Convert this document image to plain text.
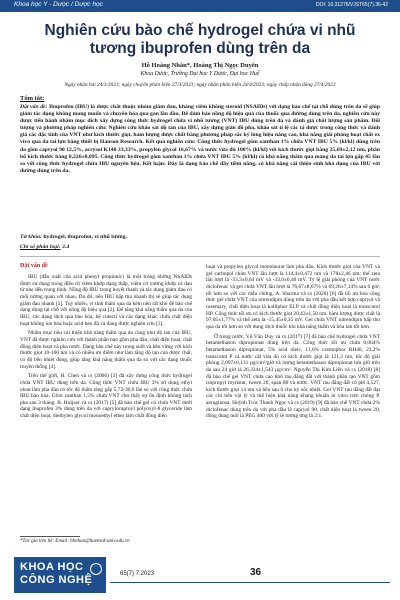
Khoa học Y - Dược / Dược học	DOI: 10.31276/VJST65(7).36-42
Nghiên cứu bào chế hydrogel chứa vi nhũ tương ibuprofen dùng trên da
Hồ Hoàng Nhân*, Hoàng Thị Ngọc Duyên
Khoa Dược, Trường Đại học Y Dược, Đại học Huế
Ngày nhận bài 24/3/2023; ngày chuyển phản biện 27/3/2023; ngày nhận phản biện 24/4/2023; ngày chấp nhận đăng 27/4/2023
Tóm tắt:
Đặt vấn đề: Ibuprofen (IBU) là dược chất thuộc nhóm giảm đau, kháng viêm không steroid (NSAIDs) với dạng bào chế tại chỗ dùng trên da sẽ giúp giảm tác dụng không mong muốn và chuyên hóa qua gan lần đầu. Để đảm bảo nồng độ hiệu quả của thuốc qua đường dùng trên da, nghiên cứu này được tiến hành nhằm mục đích xây dựng công thức hydrogel chứa vi nhũ tương (VNT) IBU dùng trên da và đánh giá chất lượng sản phẩm. Đối tượng và phương pháp nghiên cứu: Nghiên cứu khảo sát độ tan của IBU, xây dựng giản đồ pha, khảo sát tỉ lệ các tá dược trong công thức và đánh giá các đặc tính của VNT như kích thước giọt, hàm lượng dược chất bằng phương pháp sắc ký lỏng hiệu năng cao, khả năng giải phóng hoạt chất ex vivo qua da tai lợn bằng thiết bị Hanson Research. Kết quả nghiên cứu: Công thức hydrogel gôm xanthan 1% chứa VNT IBU 5% (kl/kl) dùng trên da gồm capryol 90 12,5%, acrysol K140 33,33%, propylen glycol 16,67% và nước vừa đủ 100% (kl/kl) với kích thước giọt bằng 25,69±2,12 nm, phân bố kích thước bằng 0,226±0,095. Công thức hydrogel gôm xanthan 1% chứa VNT IBU 5% (kl/kl) có khả năng thấm qua màng da tai lợn gấp 45 lần so với công thức hydrogel chứa IBU nguyên liệu. Kết luận: Đây là dạng bào chế đầy tiềm năng, có khả năng cải thiện sinh khả dụng của IBU với đường dùng trên da.
Từ khóa: hydrogel, ibuprofen, vi nhũ tương.
Chỉ số phân loại: 3.4
Đặt vấn đề

IBU (dẫn xuất của acid phenyl propionic) là một trong những NSAIDs được sử dụng trong điều trị viêm khớp dạng thấp, viêm cơ xương khớp và đau từ nhẹ đến trung bình. Nồng độ IBU trong huyết thanh và tác dụng giảm đau có mối tương quan với nhau. Do đó, nếu IBU hấp thu nhanh thì sẽ giúp tác dụng giảm đau nhanh [1]. Tuy nhiên, vì tính thấm qua da kém nên rất khó để bào chế dạng dùng tại chỗ với nồng độ hiệu quả [2]. Để tăng khả năng thấm qua da của IBU, các dạng dịch qua bào hóa, hệ cutecti và các dạng khác chứa chất diện hoạt không ion hóa hoặc acid béo đã và đang được nghiên cứu [3].

Nhằm mục tiêu cải thiện khả năng thấm qua da cũng như độ tan của IBU, VNT đã được nghiên cứu với thành phần bao gồm pha dầu, chất diện hoạt, chất đồng diện hoạt và pha nước. Dạng bào chế này trong suốt và bền vững với kích thước giọt 10-100 nm và có nhiều ưu điểm như làm tăng độ tan của dược chất, có độ bền nhiệt động, giúp tăng khả năng thấm qua da so với các dạng thuốc truyền thống [4].

Trên thế giới, H. Chen và cs (2006) [3] đã xây dựng công thức hydrogel chứa VNT IBU dùng trên da. Công thức VNT chứa IBU 3% sử dụng ethyl oleat làm pha dầu có tốc độ thấm tăng gấp 5,72-30,0 lần so với công thức chứa IBU bão hòa. Gồm xanthan 1,5% chứa VNT cho thấy sự ổn định không tách pha sau 3 tháng. B. Huijser và cs (2017) [5] đã bào chế gel có chứa VNT dưới dạng ibuprofen 3% dùng trên da với caprylocaproyl polyoxyl-8 glyceride làm chất diện hoạt, diethylen glycol monoethyl ether làm chất đồng diện

hoạt và propylen glycol monolaurat làm pha dầu. Kích thước giọt của VNT và gel carbopol chứa VNT lần lượt là 114,4±0,472 nm và 178±2,46 nm; thế zeta lần lượt là -33,3±0,64 mV và -33,0±0,40 mV. Tỷ lệ giải phóng của VNT nước diclofenac và gel chứa VNT lần lượt là 76,67±8,67% và 69,28±7,14% sau 6 giờ, tốt hơn so với các mẫu chứng. A. Sharma và cs (2020) [6] đã tối ưu hóa công thức gel chứa VNT của nitrendipin dùng trên da với pha dầu kết hợp capryol và rosemary, chất diện hoạt là kolliphor ELP và chất đồng diện hoạt là transcutol HP. Công thức tối ưu có kích thước giọt 20,43±1,50 nm, hàm lượng dược chất là 97,05±1,77% và thế zeta là -15,45±0,35 mV. Gel chứa VNT nitrendipin hấp thu qua da tốt hơn so với dung dịch thuốc khi khả năng thấm và hòa tan tốt hơn.

Ở trong nước, Vũ Văn Duy và cs (2017) [7] đã bào chế hydrogel chứa VNT betamethason dipropionat dùng trên da. Công thức tối ưu chứa 0,064% betamethason dipropionat, 5% acid oleic, 11,6% cremophor RH40, 23,2% transcutol P và nước cất vừa đủ có kích thước giọt là 121,3 nm, tốc độ giải phóng 2,097±0,131 µg/cm²/giờ và lượng betamethason dipropionat lưu giữ trên da sau 24 giờ là 26,334±1,543 µg/cm². Nguyễn Thị Kim Liên và cs (2018) [8] đã bào chế gel VNT chứa cao khô rau đắng đất với thành phần tạo VNT gồm isopropyl myristat, tween 20, span 80 và nước. VNT rau đắng đất có pH 4,527, kích thước giọt 14 nm và bền sau 6 chu kỳ sốc nhiệt. Gel VNT rau đắng đất đạt các chỉ tiêu vật lý và thể hiện khả năng kháng khuẩn in vitro trên chủng P. aeruginosa. Huỳnh Trúc Thanh Ngọc và cs (2019) [9] đã bào chế VNT chứa 2% diclofenac dùng trên da với pha dầu là capryol 90, chất diện hoạt là tween 20, đồng dung môi là PEG 400 với tỷ lệ tương ứng là 2:1.

*Tác giả liên hệ: Email: hhnhan@huemed-univ.edu.vn
KHOA HỌC
CÔNG NGHỆ	65(7) 7.2023	36
